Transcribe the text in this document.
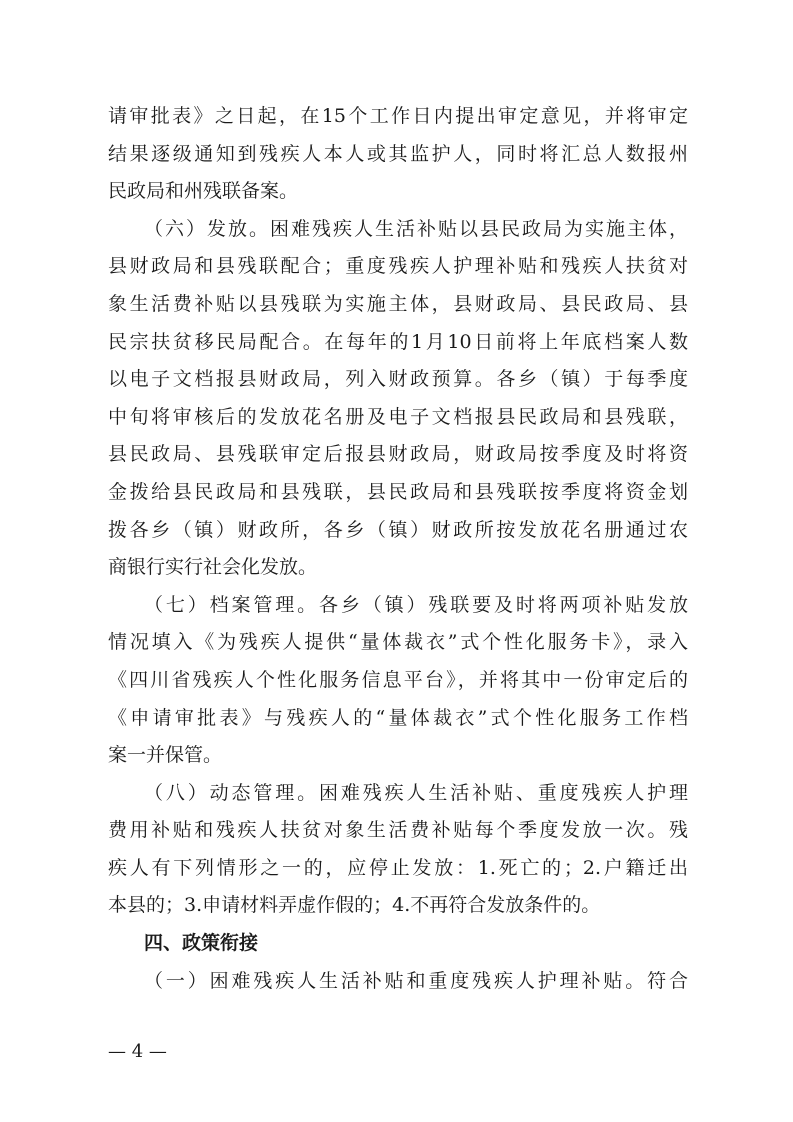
请审批表》之日起，在15个工作日内提出审定意见，并将审定
结果逐级通知到残疾人本人或其监护人，同时将汇总人数报州
民政局和州残联备案。
（六）发放。困难残疾人生活补贴以县民政局为实施主体，
县财政局和县残联配合；重度残疾人护理补贴和残疾人扶贫对
象生活费补贴以县残联为实施主体，县财政局、县民政局、县
民宗扶贫移民局配合。在每年的1月10日前将上年底档案人数
以电子文档报县财政局，列入财政预算。各乡（镇）于每季度
中旬将审核后的发放花名册及电子文档报县民政局和县残联，
县民政局、县残联审定后报县财政局，财政局按季度及时将资
金拨给县民政局和县残联，县民政局和县残联按季度将资金划
拨各乡（镇）财政所，各乡（镇）财政所按发放花名册通过农
商银行实行社会化发放。
（七）档案管理。各乡（镇）残联要及时将两项补贴发放
情况填入《为残疾人提供“量体裁衣”式个性化服务卡》，录入
《四川省残疾人个性化服务信息平台》，并将其中一份审定后的
《申请审批表》与残疾人的“量体裁衣”式个性化服务工作档
案一并保管。
（八）动态管理。困难残疾人生活补贴、重度残疾人护理
费用补贴和残疾人扶贫对象生活费补贴每个季度发放一次。残
疾人有下列情形之一的，应停止发放：1.死亡的；2.户籍迁出
本县的；3.申请材料弄虚作假的；4.不再符合发放条件的。
四、政策衔接
（一）困难残疾人生活补贴和重度残疾人护理补贴。符合
— 4 —
